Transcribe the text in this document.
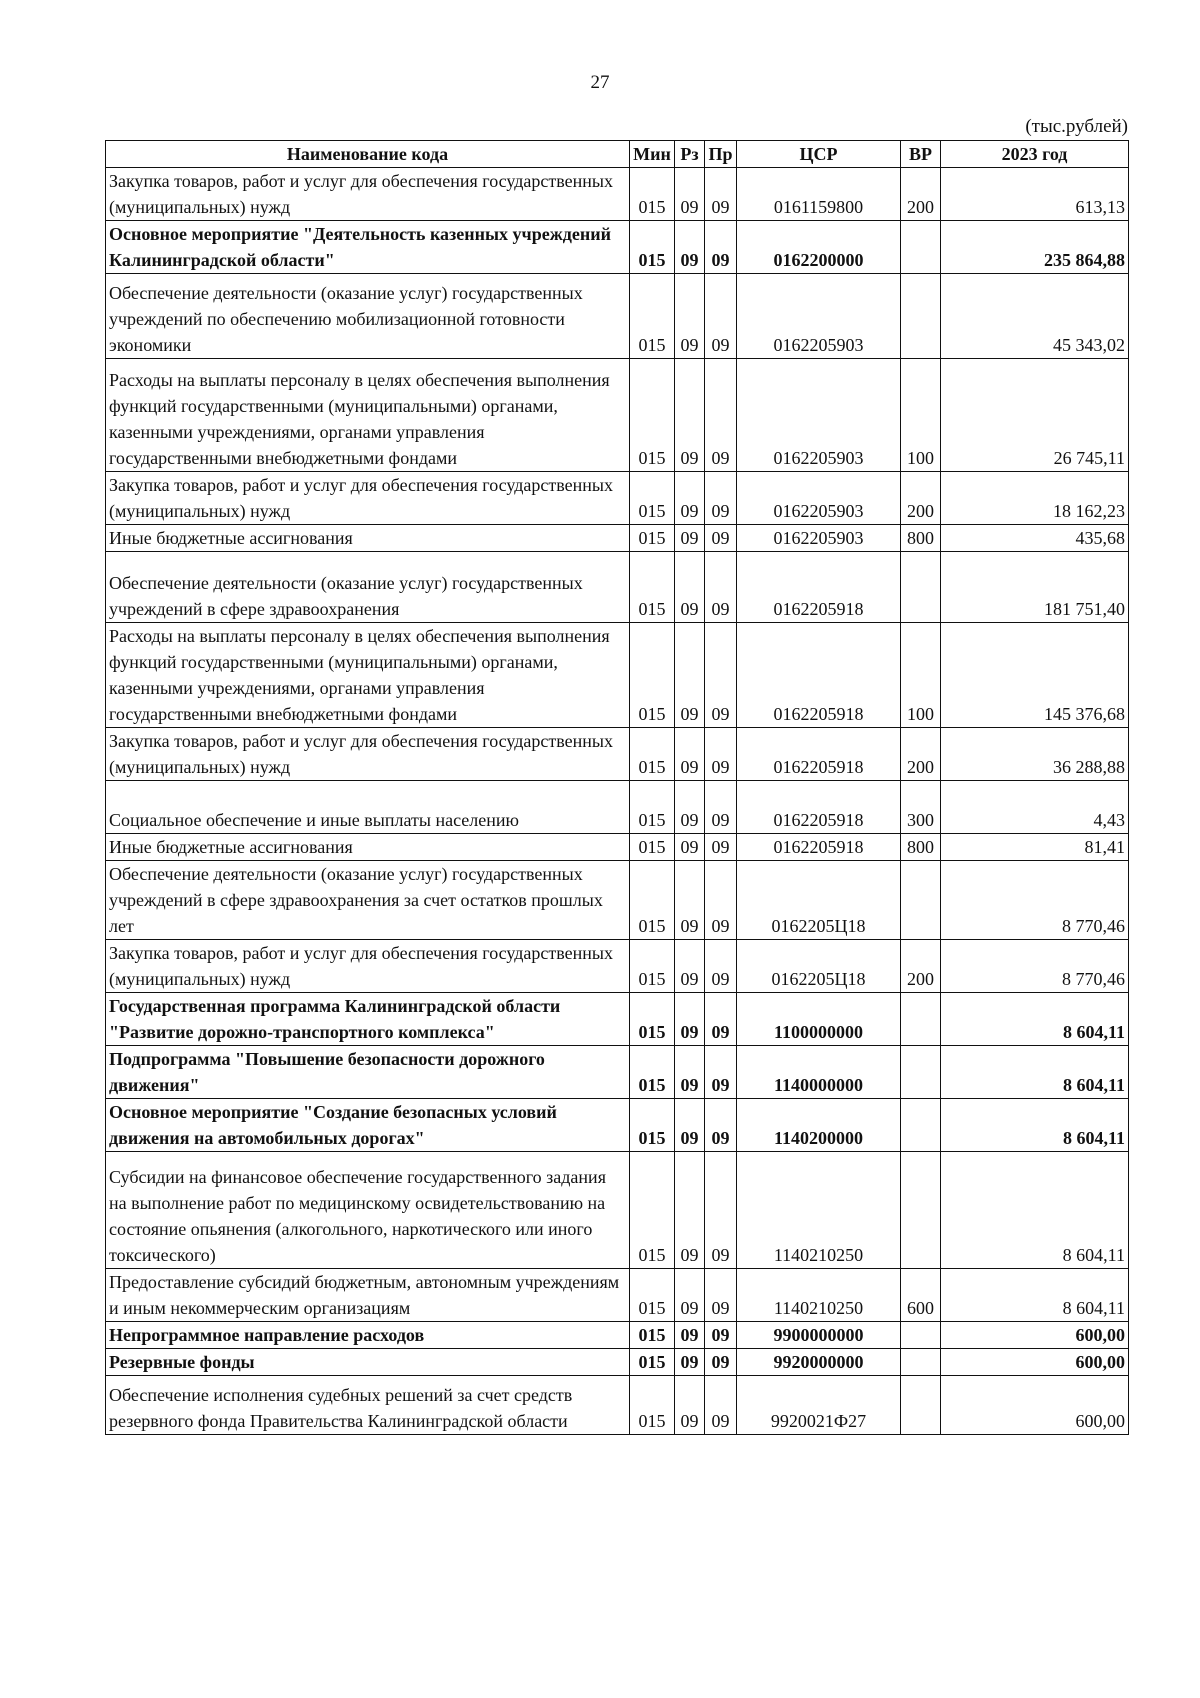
27
(тыс.рублей)
Наименование кода	Мин	Рз	Пр	ЦСР	ВР	2023 год
Закупка товаров, работ и услуг для обеспечения государственных (муниципальных) нужд	015	09	09	0161159800	200	613,13
Основное мероприятие "Деятельность казенных учреждений Калининградской области"	015	09	09	0162200000		235 864,88
Обеспечение деятельности (оказание услуг) государственных учреждений по обеспечению мобилизационной готовности экономики	015	09	09	0162205903		45 343,02
Расходы на выплаты персоналу в целях обеспечения выполнения функций государственными (муниципальными) органами, казенными учреждениями, органами управления государственными внебюджетными фондами	015	09	09	0162205903	100	26 745,11
Закупка товаров, работ и услуг для обеспечения государственных (муниципальных) нужд	015	09	09	0162205903	200	18 162,23
Иные бюджетные ассигнования	015	09	09	0162205903	800	435,68
Обеспечение деятельности (оказание услуг) государственных учреждений в сфере здравоохранения	015	09	09	0162205918		181 751,40
Расходы на выплаты персоналу в целях обеспечения выполнения функций государственными (муниципальными) органами, казенными учреждениями, органами управления государственными внебюджетными фондами	015	09	09	0162205918	100	145 376,68
Закупка товаров, работ и услуг для обеспечения государственных (муниципальных) нужд	015	09	09	0162205918	200	36 288,88
Социальное обеспечение и иные выплаты населению	015	09	09	0162205918	300	4,43
Иные бюджетные ассигнования	015	09	09	0162205918	800	81,41
Обеспечение деятельности (оказание услуг) государственных учреждений в сфере здравоохранения за счет остатков прошлых лет	015	09	09	0162205Ц18		8 770,46
Закупка товаров, работ и услуг для обеспечения государственных (муниципальных) нужд	015	09	09	0162205Ц18	200	8 770,46
Государственная программа Калининградской области "Развитие дорожно-транспортного комплекса"	015	09	09	1100000000		8 604,11
Подпрограмма "Повышение безопасности дорожного движения"	015	09	09	1140000000		8 604,11
Основное мероприятие "Создание безопасных условий движения на автомобильных дорогах"	015	09	09	1140200000		8 604,11
Субсидии на финансовое обеспечение государственного задания на выполнение работ по медицинскому освидетельствованию на состояние опьянения (алкогольного, наркотического или иного токсического)	015	09	09	1140210250		8 604,11
Предоставление субсидий бюджетным, автономным учреждениям и иным некоммерческим организациям	015	09	09	1140210250	600	8 604,11
Непрограммное направление расходов	015	09	09	9900000000		600,00
Резервные фонды	015	09	09	9920000000		600,00
Обеспечение исполнения судебных решений за счет средств резервного фонда Правительства Калининградской области	015	09	09	9920021Ф27		600,00
